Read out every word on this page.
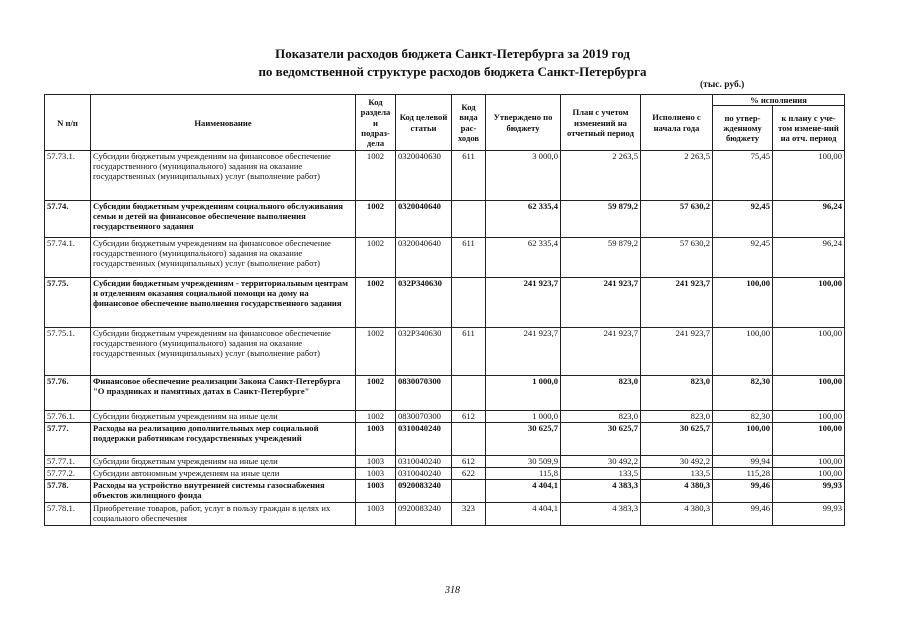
Показатели расходов бюджета Санкт-Петербурга за 2019 год
по ведомственной структуре расходов бюджета Санкт-Петербурга
(тыс. руб.)
N п/п	Наименование	Код раздела и подраз-дела	Код целевой статьи	Код вида рас-ходов	Утверждено по бюджету	План с учетом изменений на отчетный период	Исполнено с начала года	% исполнения	
								по утвер-жденному бюджету	к плану с уче-том измене-ний на отч. период
57.73.1.	Субсидии бюджетным учреждениям на финансовое обеспечение государственного (муниципального) задания на оказание государственных (муниципальных) услуг (выполнение работ)	1002	0320040630	611	3 000,0	2 263,5	2 263,5	75,45	100,00
57.74.	Субсидии бюджетным учреждениям социального обслуживания семьи и детей на финансовое обеспечение выполнения государственного задания	1002	0320040640		62 335,4	59 879,2	57 630,2	92,45	96,24
57.74.1.	Субсидии бюджетным учреждениям на финансовое обеспечение государственного (муниципального) задания на оказание государственных (муниципальных) услуг (выполнение работ)	1002	0320040640	611	62 335,4	59 879,2	57 630,2	92,45	96,24
57.75.	Субсидии бюджетным учреждениям - территориальным центрам и отделениям оказания социальной помощи на дому на финансовое обеспечение выполнения государственного задания	1002	032P340630		241 923,7	241 923,7	241 923,7	100,00	100,00
57.75.1.	Субсидии бюджетным учреждениям на финансовое обеспечение государственного (муниципального) задания на оказание государственных (муниципальных) услуг (выполнение работ)	1002	032P340630	611	241 923,7	241 923,7	241 923,7	100,00	100,00
57.76.	Финансовое обеспечение реализации Закона Санкт-Петербурга "О праздниках и памятных датах в Санкт-Петербурге"	1002	0830070300		1 000,0	823,0	823,0	82,30	100,00
57.76.1.	Субсидии бюджетным учреждениям на иные цели	1002	0830070300	612	1 000,0	823,0	823,0	82,30	100,00
57.77.	Расходы на реализацию дополнительных мер социальной поддержки работникам государственных учреждений	1003	0310040240		30 625,7	30 625,7	30 625,7	100,00	100,00
57.77.1.	Субсидии бюджетным учреждениям на иные цели	1003	0310040240	612	30 509,9	30 492,2	30 492,2	99,94	100,00
57.77.2.	Субсидии автономным учреждениям на иные цели	1003	0310040240	622	115,8	133,5	133,5	115,28	100,00
57.78.	Расходы на устройство внутренней системы газоснабжения объектов жилищного фонда	1003	0920083240		4 404,1	4 383,3	4 380,3	99,46	99,93
57.78.1.	Приобретение товаров, работ, услуг в пользу граждан в целях их социального обеспечения	1003	0920083240	323	4 404,1	4 383,3	4 380,3	99,46	99,93
318
